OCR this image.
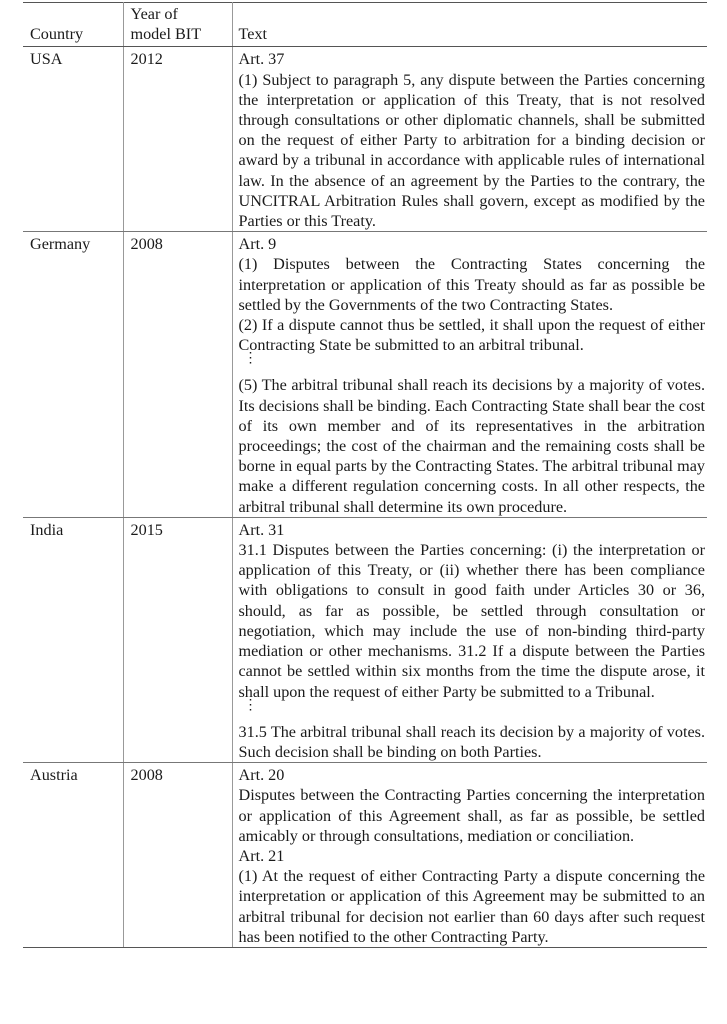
Country	Year of model BIT	Text
USA	2012	Art. 37
(1) Subject to paragraph 5, any dispute between the Parties concerning the interpretation or application of this Treaty, that is not resolved through consultations or other diplomatic channels, shall be submitted on the request of either Party to arbitration for a binding decision or award by a tribunal in accordance with applicable rules of international law. In the absence of an agreement by the Parties to the contrary, the UNCITRAL Arbitration Rules shall govern, except as modified by the Parties or this Treaty.

Germany	2008	Art. 9
(1) Disputes between the Contracting States concerning the interpretation or application of this Treaty should as far as possible be settled by the Governments of the two Contracting States.
(2) If a dispute cannot thus be settled, it shall upon the request of either Contracting State be submitted to an arbitral tribunal.
⋮
(5) The arbitral tribunal shall reach its decisions by a majority of votes. Its decisions shall be binding. Each Contracting State shall bear the cost of its own member and of its representatives in the arbitration proceedings; the cost of the chairman and the remaining costs shall be borne in equal parts by the Contracting States. The arbitral tribunal may make a different regulation concerning costs. In all other respects, the arbitral tribunal shall determine its own procedure.

India	2015	Art. 31
31.1 Disputes between the Parties concerning: (i) the interpretation or application of this Treaty, or (ii) whether there has been compliance with obligations to consult in good faith under Articles 30 or 36, should, as far as possible, be settled through consultation or negotiation, which may include the use of non-binding third-party mediation or other mechanisms. 31.2 If a dispute between the Parties cannot be settled within six months from the time the dispute arose, it shall upon the request of either Party be submitted to a Tribunal.
⋮
31.5 The arbitral tribunal shall reach its decision by a majority of votes. Such decision shall be binding on both Parties.

Austria	2008	Art. 20
Disputes between the Contracting Parties concerning the interpretation or application of this Agreement shall, as far as possible, be settled amicably or through consultations, mediation or conciliation.
Art. 21
(1) At the request of either Contracting Party a dispute concerning the interpretation or application of this Agreement may be submitted to an arbitral tribunal for decision not earlier than 60 days after such request has been notified to the other Contracting Party.
